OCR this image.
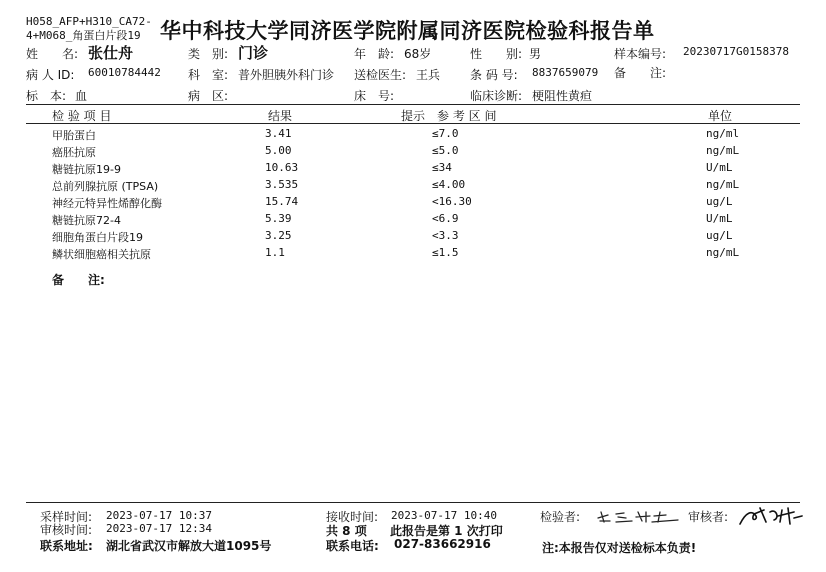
H058_AFP+H310_CA72-
4+M068_角蛋白片段19 华中科技大学同济医学院附属同济医院检验科报告单
姓　　名: 张仕舟	类　别: 门诊	年　龄: 68岁	性　　别: 男	样本编号: 20230717G0158378
病 人 ID: 60010784442 科　室: 普外胆胰外科门诊 送检医生: 王兵 条 码 号: 8837659079 备　　注:
标　本: 血	病　区:	床　号:	临床诊断: 梗阻性黄疸
检 验 项 目	结果	提示　参 考 区 间	单位
甲胎蛋白	3.41	≤7.0	ng/ml
癌胚抗原	5.00	≤5.0	ng/mL
糖链抗原19-9	10.63	≤34	U/mL
总前列腺抗原 (TPSA)	3.535	≤4.00	ng/mL
神经元特异性烯醇化酶	15.74	<16.30	ug/L
糖链抗原72-4	5.39	<6.9	U/mL
细胞角蛋白片段19	3.25	<3.3	ug/L
鳞状细胞癌相关抗原	1.1	≤1.5	ng/mL
备　　注:
采样时间: 2023-07-17 10:37
审核时间: 2023-07-17 12:34
联系地址: 湖北省武汉市解放大道1095号
接收时间: 2023-07-17 10:40
共 8 项 此报告是第 1 次打印
联系电话: 027-83662916
检验者:	审核者:
注:本报告仅对送检标本负责!
